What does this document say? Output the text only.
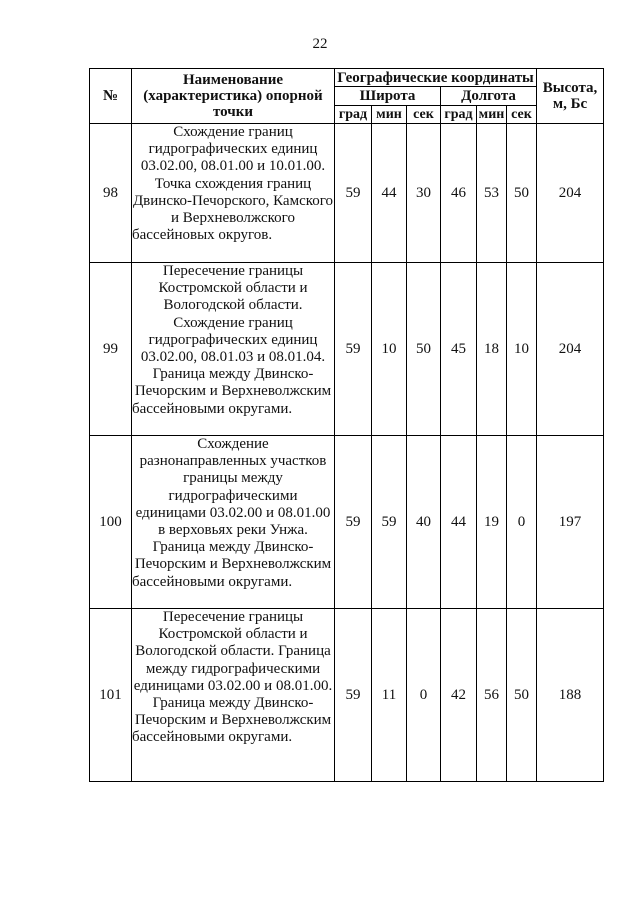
22
№	Наименование (характеристика) опорной точки	Географические координаты						Высота, м, Бс
		Широта			Долгота			
		град	мин	сек	град	мин	сек	
98	Схождение границ гидрографических единиц 03.02.00, 08.01.00 и 10.01.00. Точка схождения границ Двинско-Печорского, Камского и Верхневолжского бассейновых округов.	59	44	30	46	53	50	204
99	Пересечение границы Костромской области и Вологодской области. Схождение границ гидрографических единиц 03.02.00, 08.01.03 и 08.01.04. Граница между Двинско-Печорским и Верхневолжским бассейновыми округами.	59	10	50	45	18	10	204
100	Схождение разнонаправленных участков границы между гидрографическими единицами 03.02.00 и 08.01.00 в верховьях реки Унжа. Граница между Двинско-Печорским и Верхневолжским бассейновыми округами.	59	59	40	44	19	0	197
101	Пересечение границы Костромской области и Вологодской области. Граница между гидрографическими единицами 03.02.00 и 08.01.00. Граница между Двинско-Печорским и Верхневолжским бассейновыми округами.	59	11	0	42	56	50	188
